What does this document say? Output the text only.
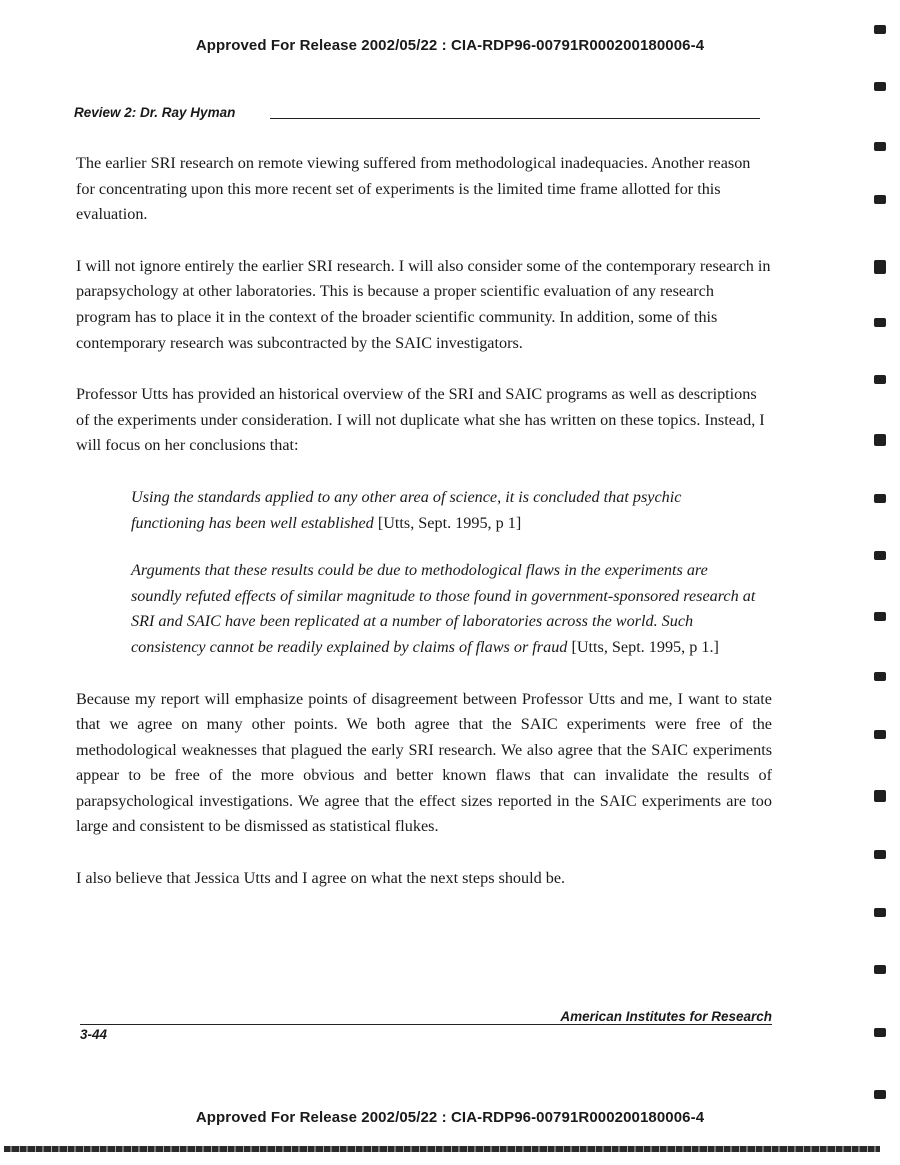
Approved For Release 2002/05/22 : CIA-RDP96-00791R000200180006-4
Review 2: Dr. Ray Hyman

The earlier SRI research on remote viewing suffered from methodological inadequacies. Another reason for concentrating upon this more recent set of experiments is the limited time frame allotted for this evaluation.

I will not ignore entirely the earlier SRI research. I will also consider some of the contemporary research in parapsychology at other laboratories. This is because a proper scientific evaluation of any research program has to place it in the context of the broader scientific community. In addition, some of this contemporary research was subcontracted by the SAIC investigators.

Professor Utts has provided an historical overview of the SRI and SAIC programs as well as descriptions of the experiments under consideration. I will not duplicate what she has written on these topics. Instead, I will focus on her conclusions that:

Using the standards applied to any other area of science, it is concluded that psychic functioning has been well established [Utts, Sept. 1995, p 1]

Arguments that these results could be due to methodological flaws in the experiments are soundly refuted effects of similar magnitude to those found in government-sponsored research at SRI and SAIC have been replicated at a number of laboratories across the world. Such consistency cannot be readily explained by claims of flaws or fraud [Utts, Sept. 1995, p 1.]

Because my report will emphasize points of disagreement between Professor Utts and me, I want to state that we agree on many other points. We both agree that the SAIC experiments were free of the methodological weaknesses that plagued the early SRI research. We also agree that the SAIC experiments appear to be free of the more obvious and better known flaws that can invalidate the results of parapsychological investigations. We agree that the effect sizes reported in the SAIC experiments are too large and consistent to be dismissed as statistical flukes.

I also believe that Jessica Utts and I agree on what the next steps should be.

American Institutes for Research
3-44
Approved For Release 2002/05/22 : CIA-RDP96-00791R000200180006-4
